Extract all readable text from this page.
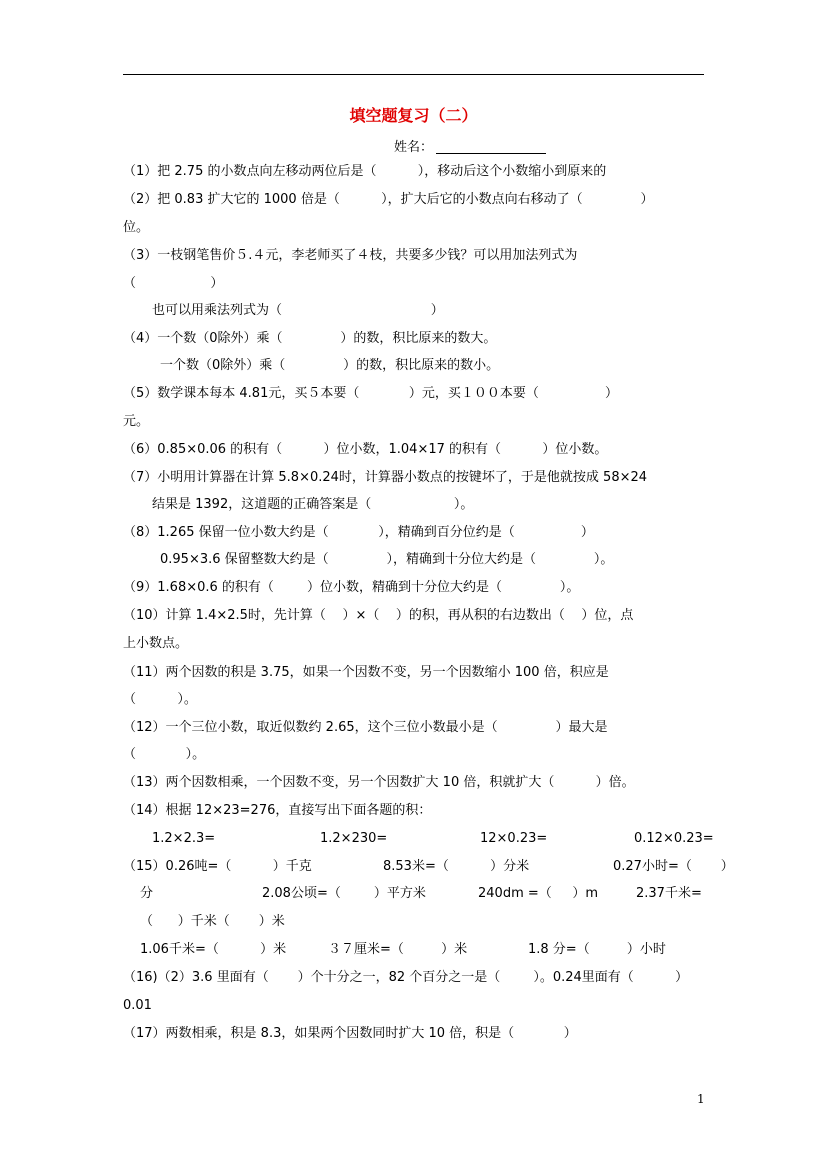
填空题复习（二）
姓名：
（1）把 2.75 的小数点向左移动两位后是（          ），移动后这个小数缩小到原来的
（2）把 0.83 扩大它的 1000 倍是（          ），扩大后它的小数点向右移动了（              ）
位。
（3）一枝钢笔售价５.４元，李老师买了４枝，共要多少钱？可以用加法列式为
（                  ）
也可以用乘法列式为（                                    ）
（4）一个数（0除外）乘（              ）的数，积比原来的数大。
一个数（0除外）乘（              ）的数，积比原来的数小。
（5）数学课本每本 4.81元，买５本要（            ）元，买１００本要（                ）
元。
（6）0.85×0.06 的积有（          ）位小数，1.04×17 的积有（          ）位小数。
（7）小明用计算器在计算 5.8×0.24时，计算器小数点的按键坏了，于是他就按成 58×24
结果是 1392，这道题的正确答案是（                    ）。
（8）1.265 保留一位小数大约是（            ），精确到百分位约是（                ）
0.95×3.6 保留整数大约是（              ），精确到十分位大约是（              ）。
（9）1.68×0.6 的积有（        ）位小数，精确到十分位大约是（              ）。
（10）计算 1.4×2.5时，先计算（    ）×（    ）的积，再从积的右边数出（    ）位，点
上小数点。
（11）两个因数的积是 3.75，如果一个因数不变，另一个因数缩小 100 倍，积应是
（          ）。
（12）一个三位小数，取近似数约 2.65，这个三位小数最小是（              ）最大是
（            ）。
（13）两个因数相乘，一个因数不变，另一个因数扩大 10 倍，积就扩大（          ）倍。
（14）根据 12×23=276，直接写出下面各题的积：
1.2×2.3=	1.2×230=	12×0.23=	0.12×0.23=
（15）0.26吨=（          ）千克	8.53米=（          ）分米	0.27小时=（       ）
分	2.08公顷=（        ）平方米	240dm =（     ）m	2.37千米=
（      ）千米（       ）米
1.06千米=（          ）米	３７厘米=（         ）米	1.8 分=（         ）小时
（16)（2）3.6 里面有（       ）个十分之一，82 个百分之一是（        ）。0.24里面有（          ）
0.01
（17）两数相乘，积是 8.3，如果两个因数同时扩大 10 倍，积是（            ）
1
